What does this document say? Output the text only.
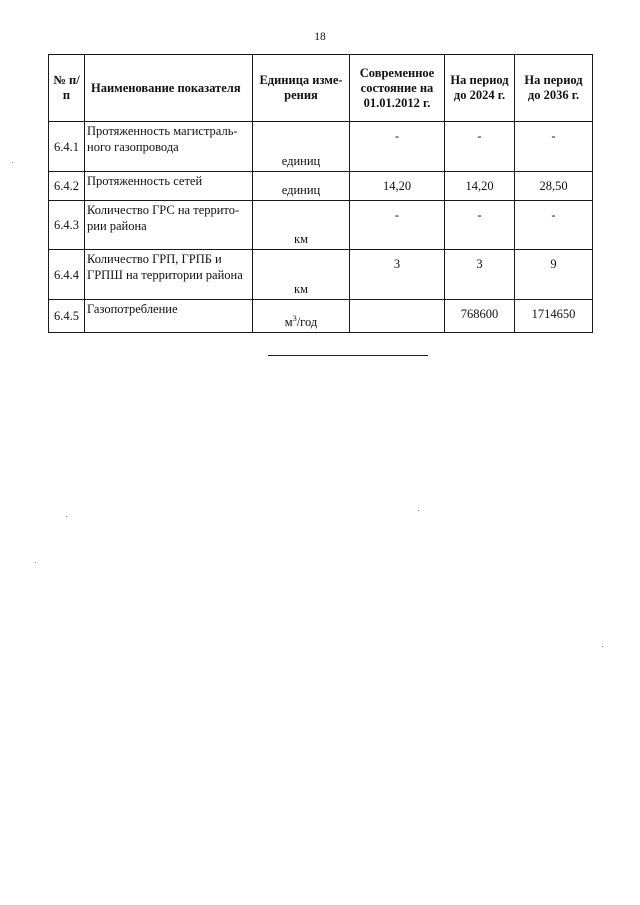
18
№ п/п	Наименование показателя	Единица изме-рения	Современное состояние на 01.01.2012 г.	На период до 2024 г.	На период до 2036 г.
6.4.1	Протяженность магистраль-ного газопровода	единиц	-	-	-
6.4.2	Протяженность сетей	единиц	14,20	14,20	28,50
6.4.3	Количество ГРС на террито-рии района	км	-	-	-
6.4.4	Количество ГРП, ГРПБ и ГРПШ на территории района	км	3	3	9
6.4.5	Газопотребление	$м^3$/год		768600	1714650
